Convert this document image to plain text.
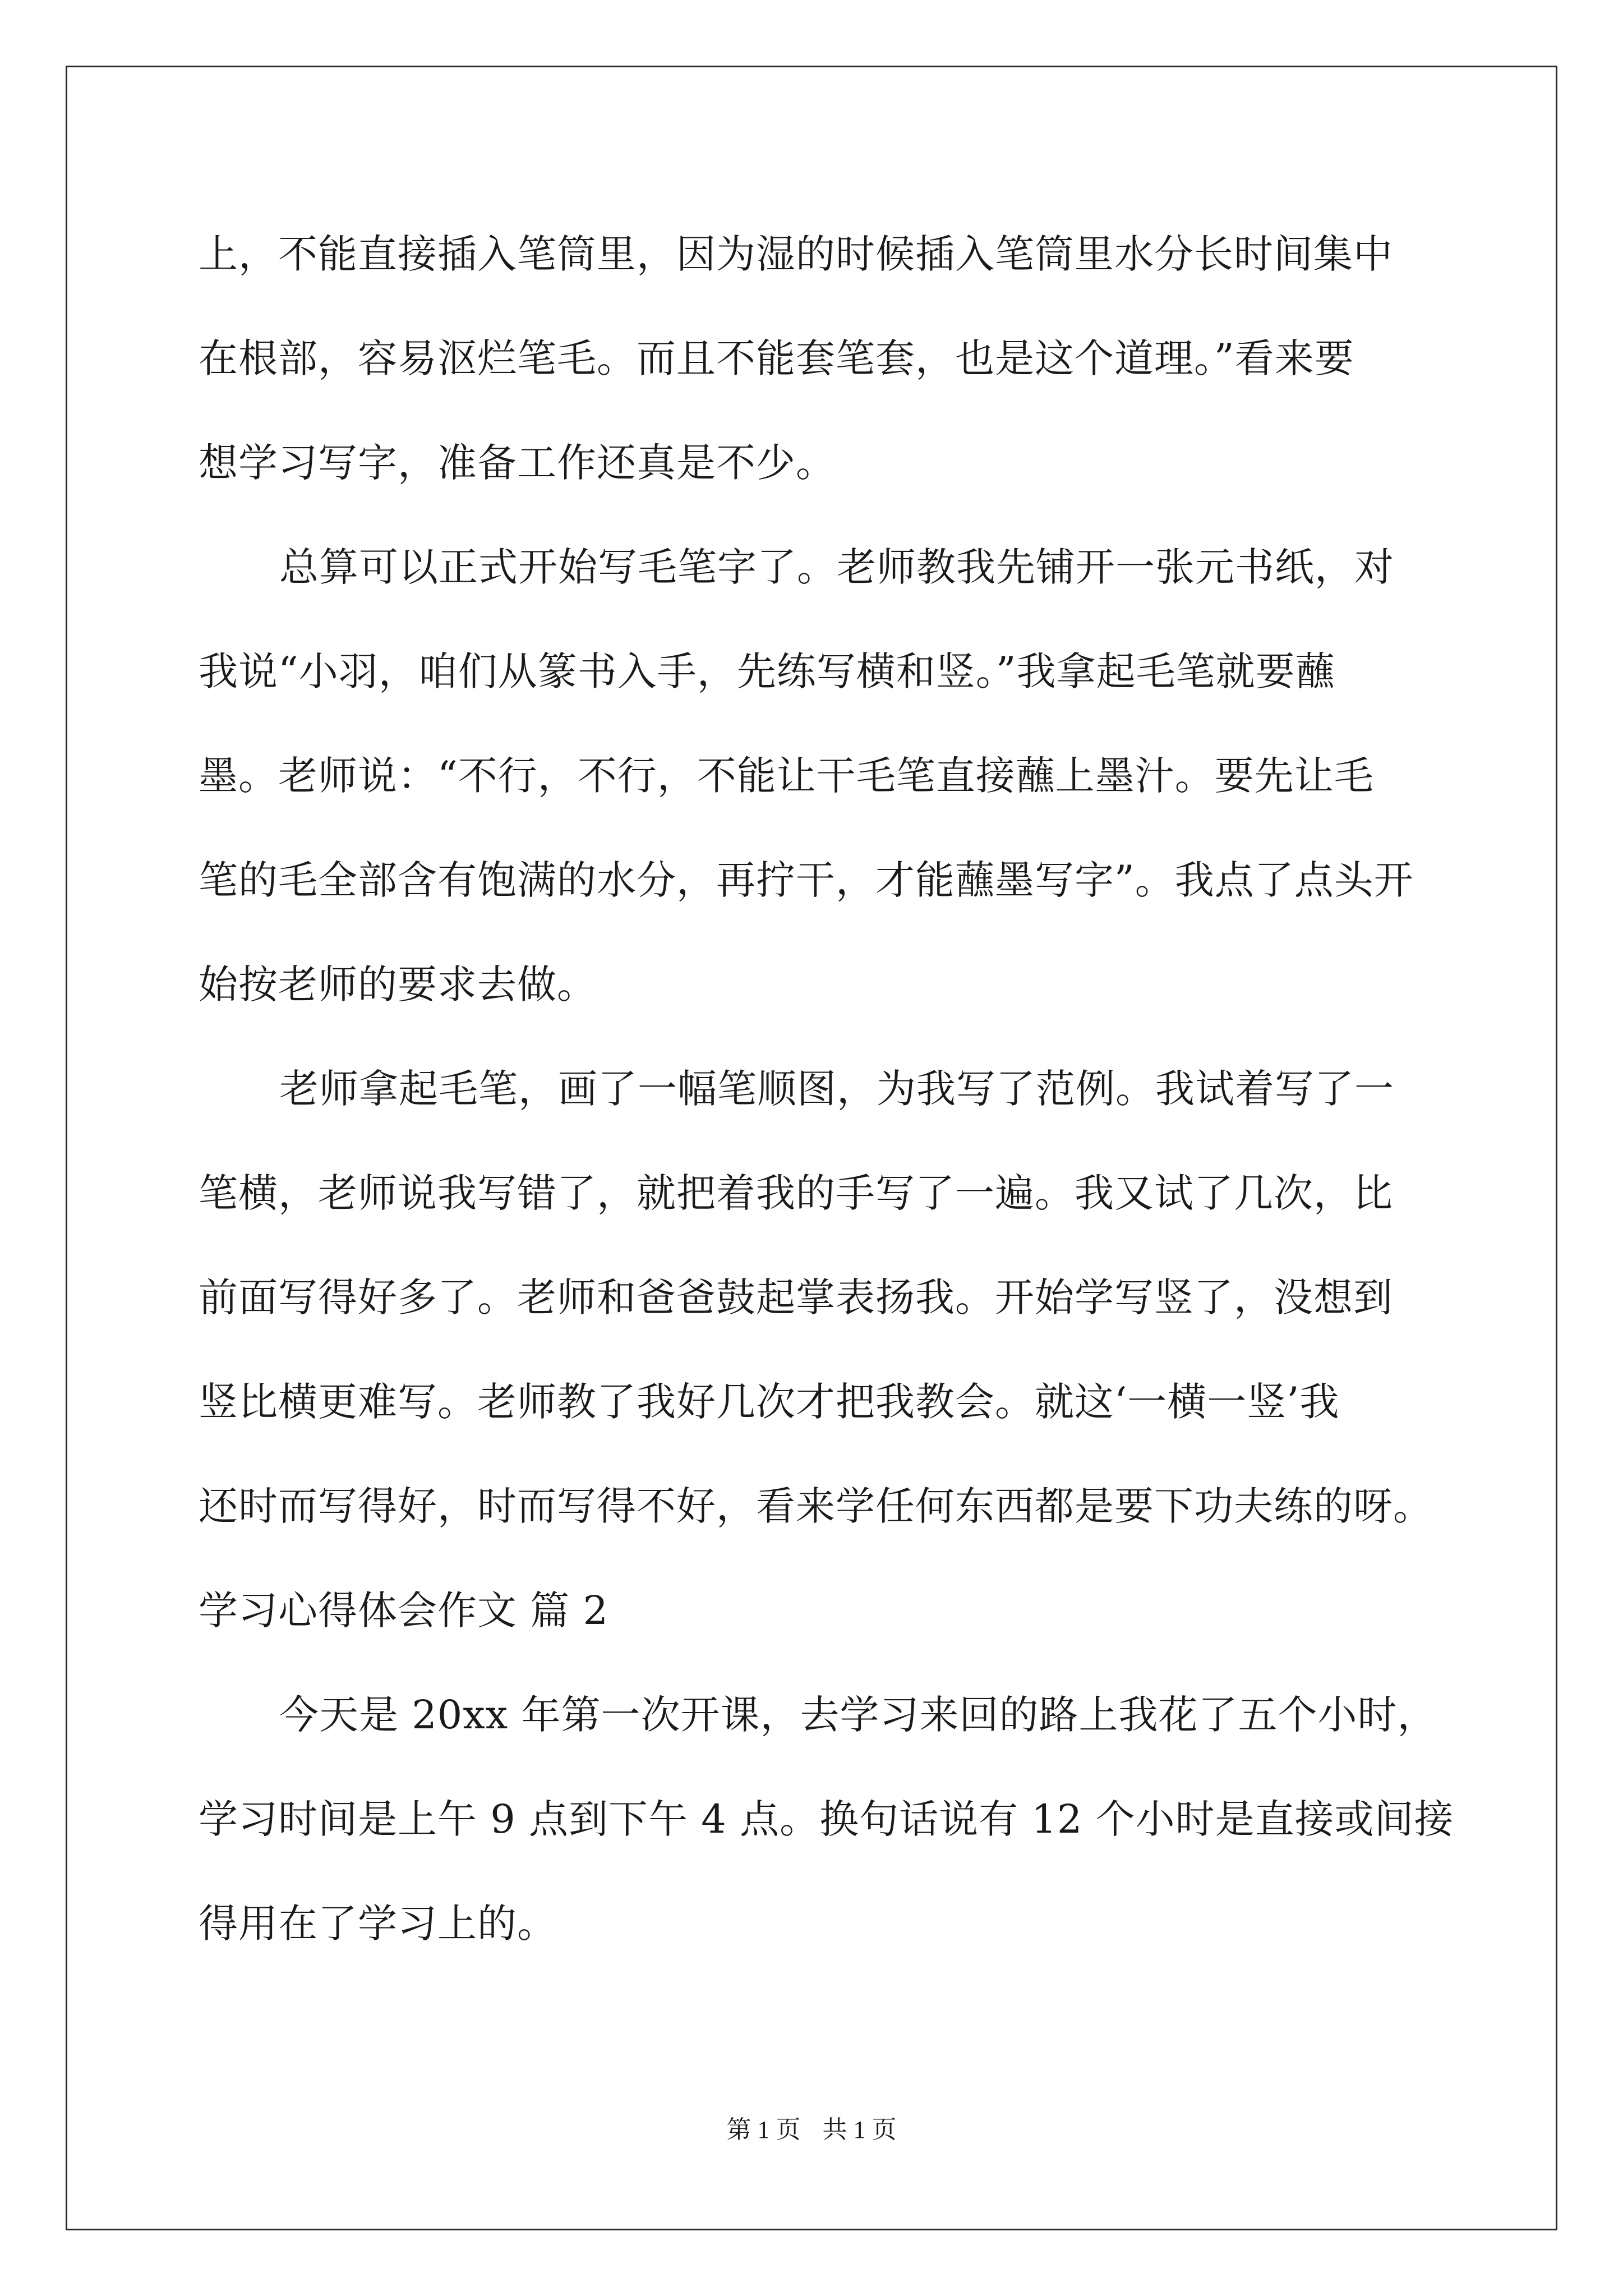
上，不能直接插入笔筒里，因为湿的时候插入笔筒里水分长时间集中
在根部，容易沤烂笔毛。而且不能套笔套，也是这个道理。”看来要
想学习写字，准备工作还真是不少。
总算可以正式开始写毛笔字了。老师教我先铺开一张元书纸，对
我说“小羽，咱们从篆书入手，先练写横和竖。”我拿起毛笔就要蘸
墨。老师说：“不行，不行，不能让干毛笔直接蘸上墨汁。要先让毛
笔的毛全部含有饱满的水分，再拧干，才能蘸墨写字”。我点了点头开
始按老师的要求去做。
老师拿起毛笔，画了一幅笔顺图，为我写了范例。我试着写了一
笔横，老师说我写错了，就把着我的手写了一遍。我又试了几次，比
前面写得好多了。老师和爸爸鼓起掌表扬我。开始学写竖了，没想到
竖比横更难写。老师教了我好几次才把我教会。就这‘一横一竖’我
还时而写得好，时而写得不好，看来学任何东西都是要下功夫练的呀。
学习心得体会作文 篇 2
今天是 20xx 年第一次开课，去学习来回的路上我花了五个小时，
学习时间是上午 9 点到下午 4 点。换句话说有 12 个小时是直接或间接
得用在了学习上的。
第 1 页 共 1 页
